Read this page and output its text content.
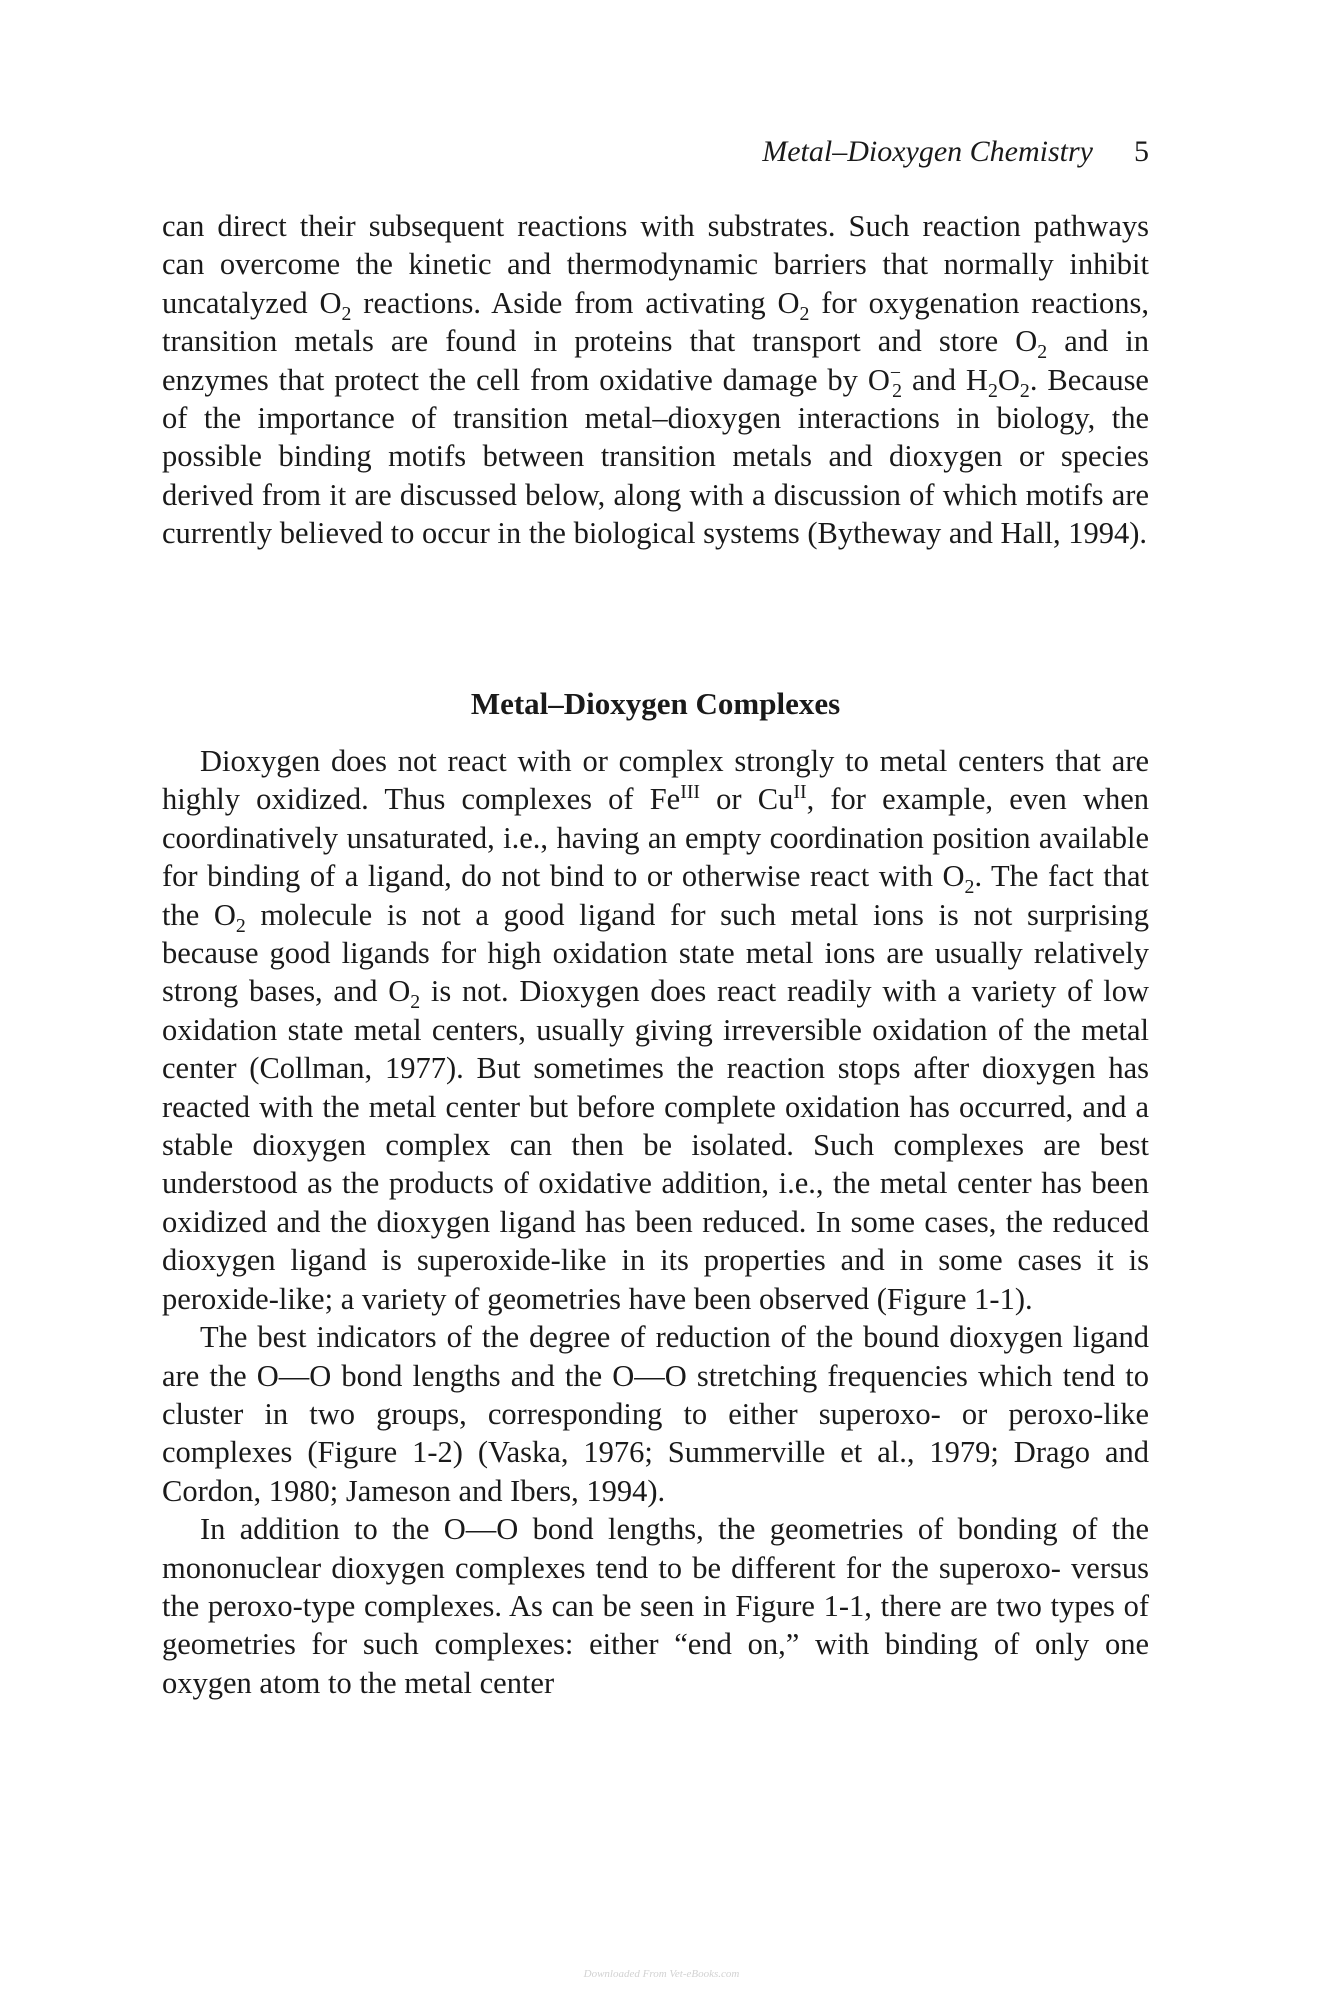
Metal–Dioxygen Chemistry 5

can direct their subsequent reactions with substrates. Such reaction pathways can overcome the kinetic and thermodynamic barriers that normally inhibit uncatalyzed $O_2$ reactions. Aside from activating $O_2$ for oxygenation reactions, transition metals are found in proteins that transport and store $O_2$ and in enzymes that protect the cell from oxidative damage by $O^-_2$ and $H_2O_2$. Because of the importance of transition metal–dioxygen interactions in biology, the possible binding motifs between transition metals and dioxygen or species derived from it are discussed below, along with a discussion of which motifs are currently believed to occur in the biological systems (Bytheway and Hall, 1994).

Metal–Dioxygen Complexes

Dioxygen does not react with or complex strongly to metal centers that are highly oxidized. Thus complexes of $Fe^{III}$ or $Cu^{II}$, for example, even when coordinatively unsaturated, i.e., having an empty coordination position available for binding of a ligand, do not bind to or otherwise react with $O_2$. The fact that the $O_2$ molecule is not a good ligand for such metal ions is not surprising because good ligands for high oxidation state metal ions are usually relatively strong bases, and $O_2$ is not. Dioxygen does react readily with a variety of low oxidation state metal centers, usually giving irreversible oxidation of the metal center (Collman, 1977). But sometimes the reaction stops after dioxygen has reacted with the metal center but before complete oxidation has occurred, and a stable dioxygen complex can then be isolated. Such complexes are best understood as the products of oxidative addition, i.e., the metal center has been oxidized and the dioxygen ligand has been reduced. In some cases, the reduced dioxygen ligand is superoxide-like in its properties and in some cases it is peroxide-like; a variety of geometries have been observed (Figure 1-1).

The best indicators of the degree of reduction of the bound dioxygen ligand are the O—O bond lengths and the O—O stretching frequencies which tend to cluster in two groups, corresponding to either superoxo- or peroxo-like complexes (Figure 1-2) (Vaska, 1976; Summerville et al., 1979; Drago and Cordon, 1980; Jameson and Ibers, 1994).

In addition to the O—O bond lengths, the geometries of bonding of the mononuclear dioxygen complexes tend to be different for the superoxo- versus the peroxo-type complexes. As can be seen in Figure 1-1, there are two types of geometries for such complexes: either “end on,” with binding of only one oxygen atom to the metal center

Downloaded From Vet-eBooks.com
